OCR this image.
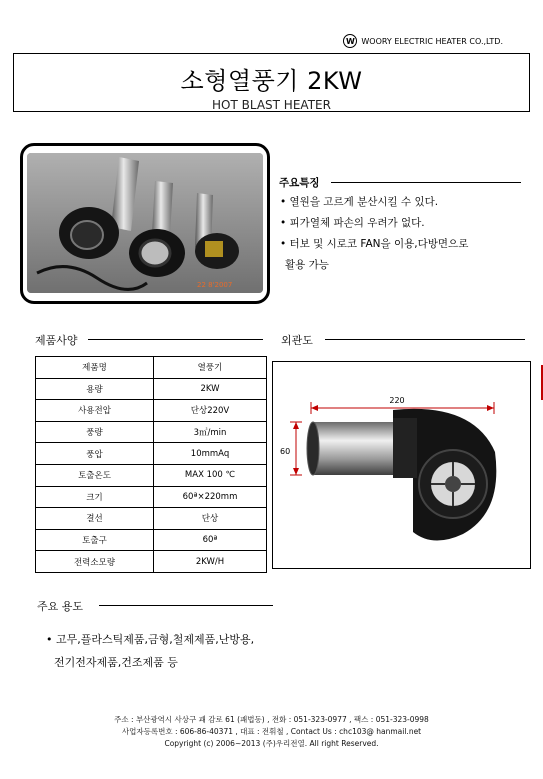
W WOORY ELECTRIC HEATER CO.,LTD.
소형열풍기 2KW
HOT BLAST HEATER
22 8'2007
주요특징
• 열원을 고르게 분산시킬 수 있다.
• 피가열체 파손의 우려가 없다.
• 터보 및 시로코 FAN을 이용,다방면으로
활용 가능
제품사양
제품명	열풍기
용량	2KW
사용전압	단상220V
풍량	3㎥/min
풍압	10mmAq
토출온도	MAX 100 ℃
크기	60ª×220mm
결선	단상
토출구	60ª
전력소모량	2KW/H
외관도
220
60
주요 용도
• 고무,플라스틱제품,금형,철제제품,난방용,
전기전자제품,건조제품 등
주소 : 부산광역시 사상구 괘 감로 61 (괘법동) , 전화 : 051-323-0977 , 팩스 : 051-323-0998
사업자등록번호 : 606-86-40371 , 대표 : 전휘철 , Contact Us : chc103@ hanmail.net
Copyright (c) 2006~2013 (주)우리전열. All right Reserved.
